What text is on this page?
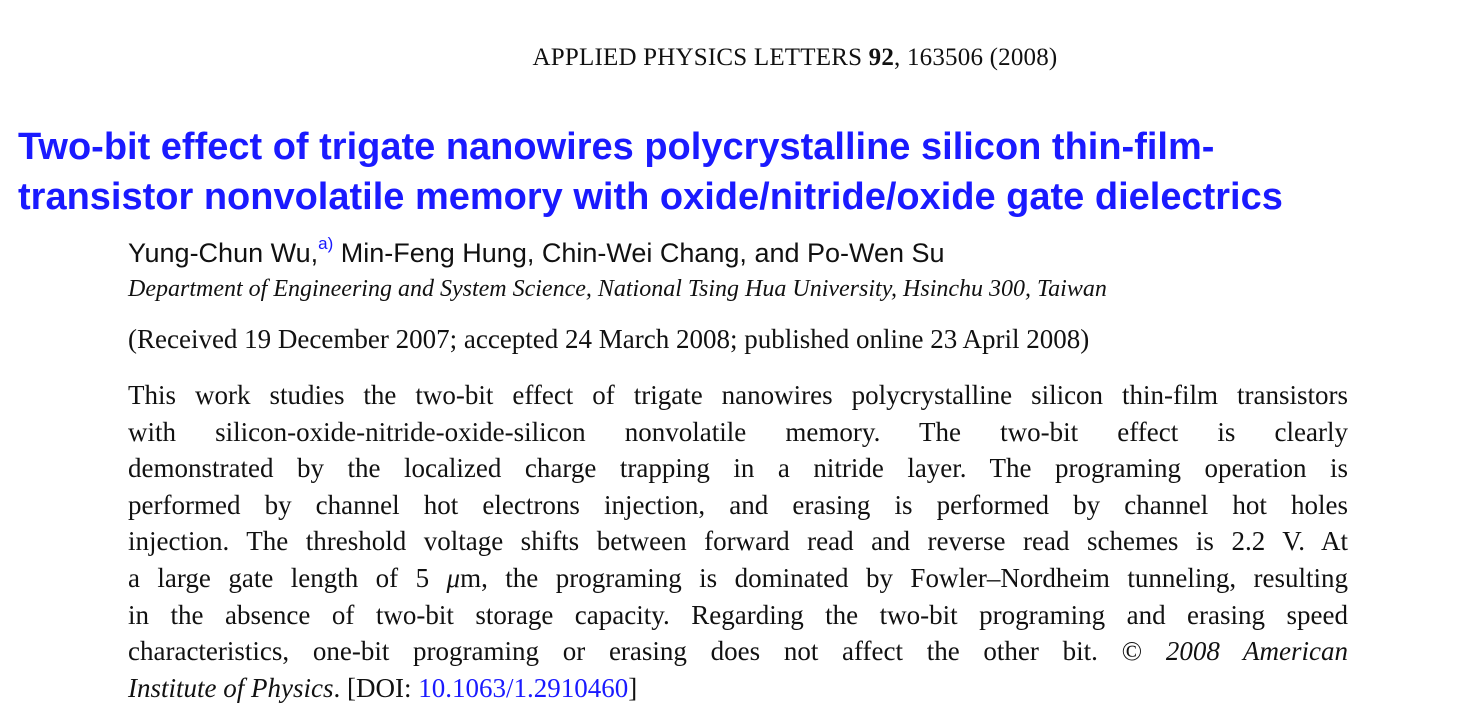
APPLIED PHYSICS LETTERS 92, 163506 (2008)
Two-bit effect of trigate nanowires polycrystalline silicon thin-film-
transistor nonvolatile memory with oxide/nitride/oxide gate dielectrics
Yung-Chun Wu,$^{a)}$ Min-Feng Hung, Chin-Wei Chang, and Po-Wen Su
Department of Engineering and System Science, National Tsing Hua University, Hsinchu 300, Taiwan
(Received 19 December 2007; accepted 24 March 2008; published online 23 April 2008)
This work studies the two-bit effect of trigate nanowires polycrystalline silicon thin-film transistors
with silicon-oxide-nitride-oxide-silicon nonvolatile memory. The two-bit effect is clearly
demonstrated by the localized charge trapping in a nitride layer. The programing operation is
performed by channel hot electrons injection, and erasing is performed by channel hot holes
injection. The threshold voltage shifts between forward read and reverse read schemes is 2.2 V. At
a large gate length of 5 μm, the programing is dominated by Fowler–Nordheim tunneling, resulting
in the absence of two-bit storage capacity. Regarding the two-bit programing and erasing speed
characteristics, one-bit programing or erasing does not affect the other bit. © 2008 American
Institute of Physics. [DOI: 10.1063/1.2910460]
